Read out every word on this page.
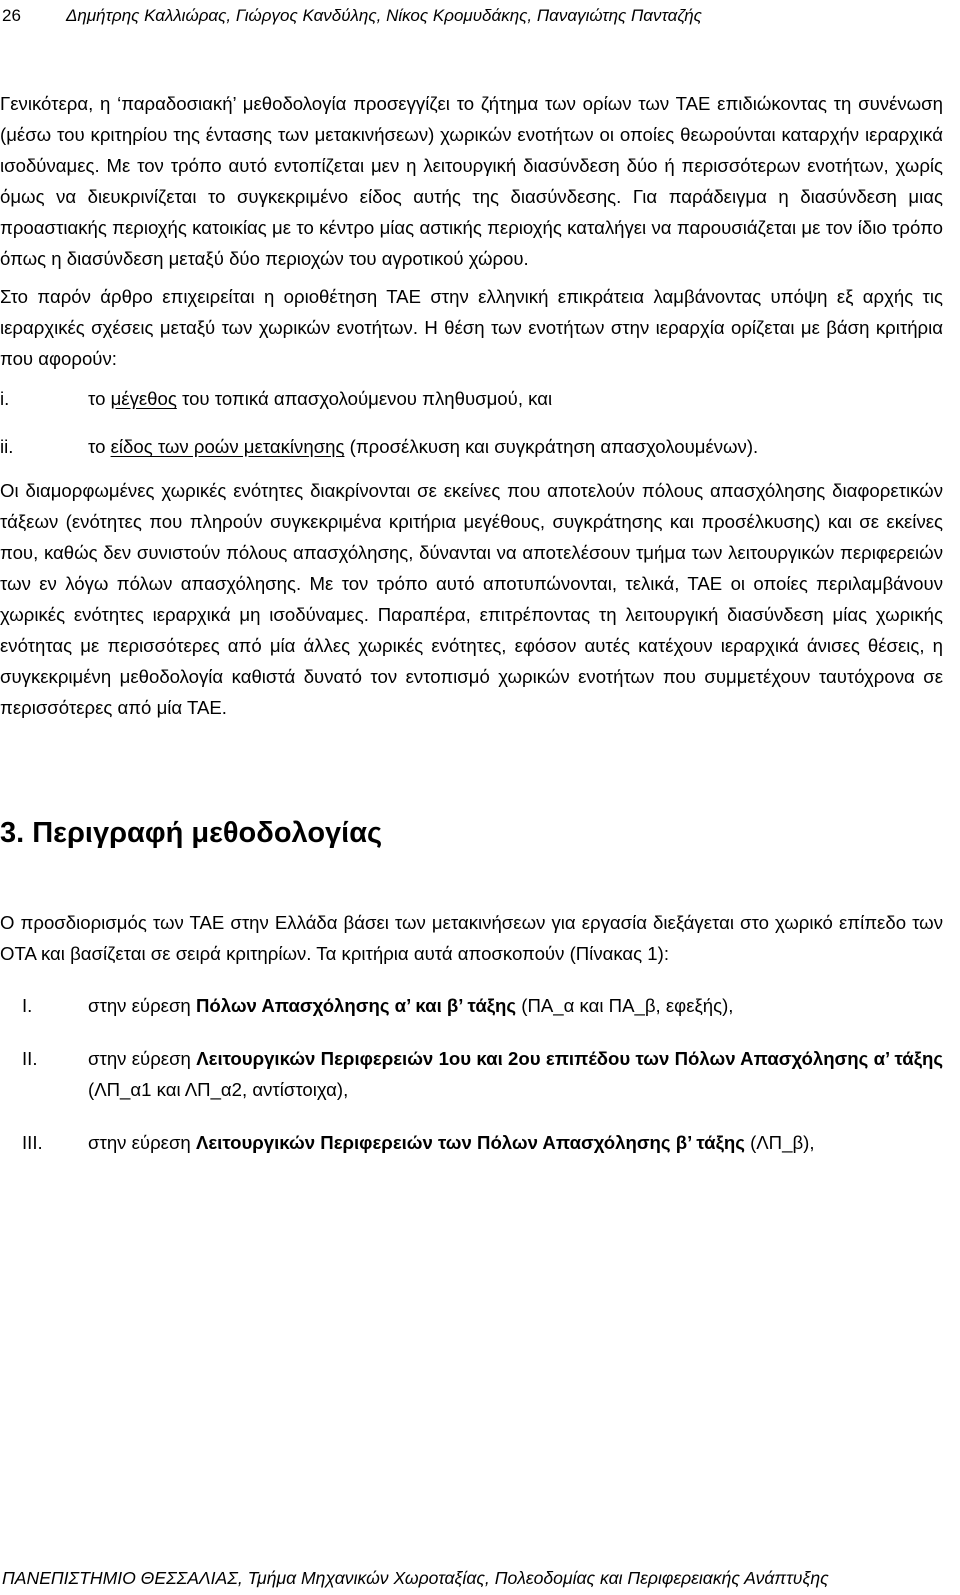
26	Δημήτρης Καλλιώρας, Γιώργος Κανδύλης, Νίκος Κρομυδάκης, Παναγιώτης Πανταζής

Γενικότερα, η ‘παραδοσιακή’ μεθοδολογία προσεγγίζει το ζήτημα των ορίων των ΤΑΕ επιδιώκοντας τη συνένωση (μέσω του κριτηρίου της έντασης των μετακινήσεων) χωρικών ενοτήτων οι οποίες θεωρούνται καταρχήν ιεραρχικά ισοδύναμες. Με τον τρόπο αυτό εντοπίζεται μεν η λειτουργική διασύνδεση δύο ή περισσότερων ενοτήτων, χωρίς όμως να διευκρινίζεται το συγκεκριμένο είδος αυτής της διασύνδεσης. Για παράδειγμα η διασύνδεση μιας προαστιακής περιοχής κατοικίας με το κέντρο μίας αστικής περιοχής καταλήγει να παρουσιάζεται με τον ίδιο τρόπο όπως η διασύνδεση μεταξύ δύο περιοχών του αγροτικού χώρου.

Στο παρόν άρθρο επιχειρείται η οριοθέτηση ΤΑΕ στην ελληνική επικράτεια λαμβάνοντας υπόψη εξ αρχής τις ιεραρχικές σχέσεις μεταξύ των χωρικών ενοτήτων. Η θέση των ενοτήτων στην ιεραρχία ορίζεται με βάση κριτήρια που αφορούν:

i.	το μέγεθος του τοπικά απασχολούμενου πληθυσμού, και
ii.	το είδος των ροών μετακίνησης (προσέλκυση και συγκράτηση απασχολουμένων).

Οι διαμορφωμένες χωρικές ενότητες διακρίνονται σε εκείνες που αποτελούν πόλους απασχόλησης διαφορετικών τάξεων (ενότητες που πληρούν συγκεκριμένα κριτήρια μεγέθους, συγκράτησης και προσέλκυσης) και σε εκείνες που, καθώς δεν συνιστούν πόλους απασχόλησης, δύνανται να αποτελέσουν τμήμα των λειτουργικών περιφερειών των εν λόγω πόλων απασχόλησης. Με τον τρόπο αυτό αποτυπώνονται, τελικά, ΤΑΕ οι οποίες περιλαμβάνουν χωρικές ενότητες ιεραρχικά μη ισοδύναμες. Παραπέρα, επιτρέποντας τη λειτουργική διασύνδεση μίας χωρικής ενότητας με περισσότερες από μία άλλες χωρικές ενότητες, εφόσον αυτές κατέχουν ιεραρχικά άνισες θέσεις, η συγκεκριμένη μεθοδολογία καθιστά δυνατό τον εντοπισμό χωρικών ενοτήτων που συμμετέχουν ταυτόχρονα σε περισσότερες από μία ΤΑΕ.

3. Περιγραφή μεθοδολογίας

Ο προσδιορισμός των ΤΑΕ στην Ελλάδα βάσει των μετακινήσεων για εργασία διεξάγεται στο χωρικό επίπεδο των ΟΤΑ και βασίζεται σε σειρά κριτηρίων. Τα κριτήρια αυτά αποσκοπούν (Πίνακας 1):

I.	στην εύρεση Πόλων Απασχόλησης α’ και β’ τάξης (ΠΑ_α και ΠΑ_β, εφεξής),
II.	στην εύρεση Λειτουργικών Περιφερειών 1ου και 2ου επιπέδου των Πόλων Απασχόλησης α’ τάξης (ΛΠ_α1 και ΛΠ_α2, αντίστοιχα),
III.	στην εύρεση Λειτουργικών Περιφερειών των Πόλων Απασχόλησης β’ τάξης (ΛΠ_β),
ΠΑΝΕΠΙΣΤΗΜΙΟ ΘΕΣΣΑΛΙΑΣ, Τμήμα Μηχανικών Χωροταξίας, Πολεοδομίας και Περιφερειακής Ανάπτυξης
